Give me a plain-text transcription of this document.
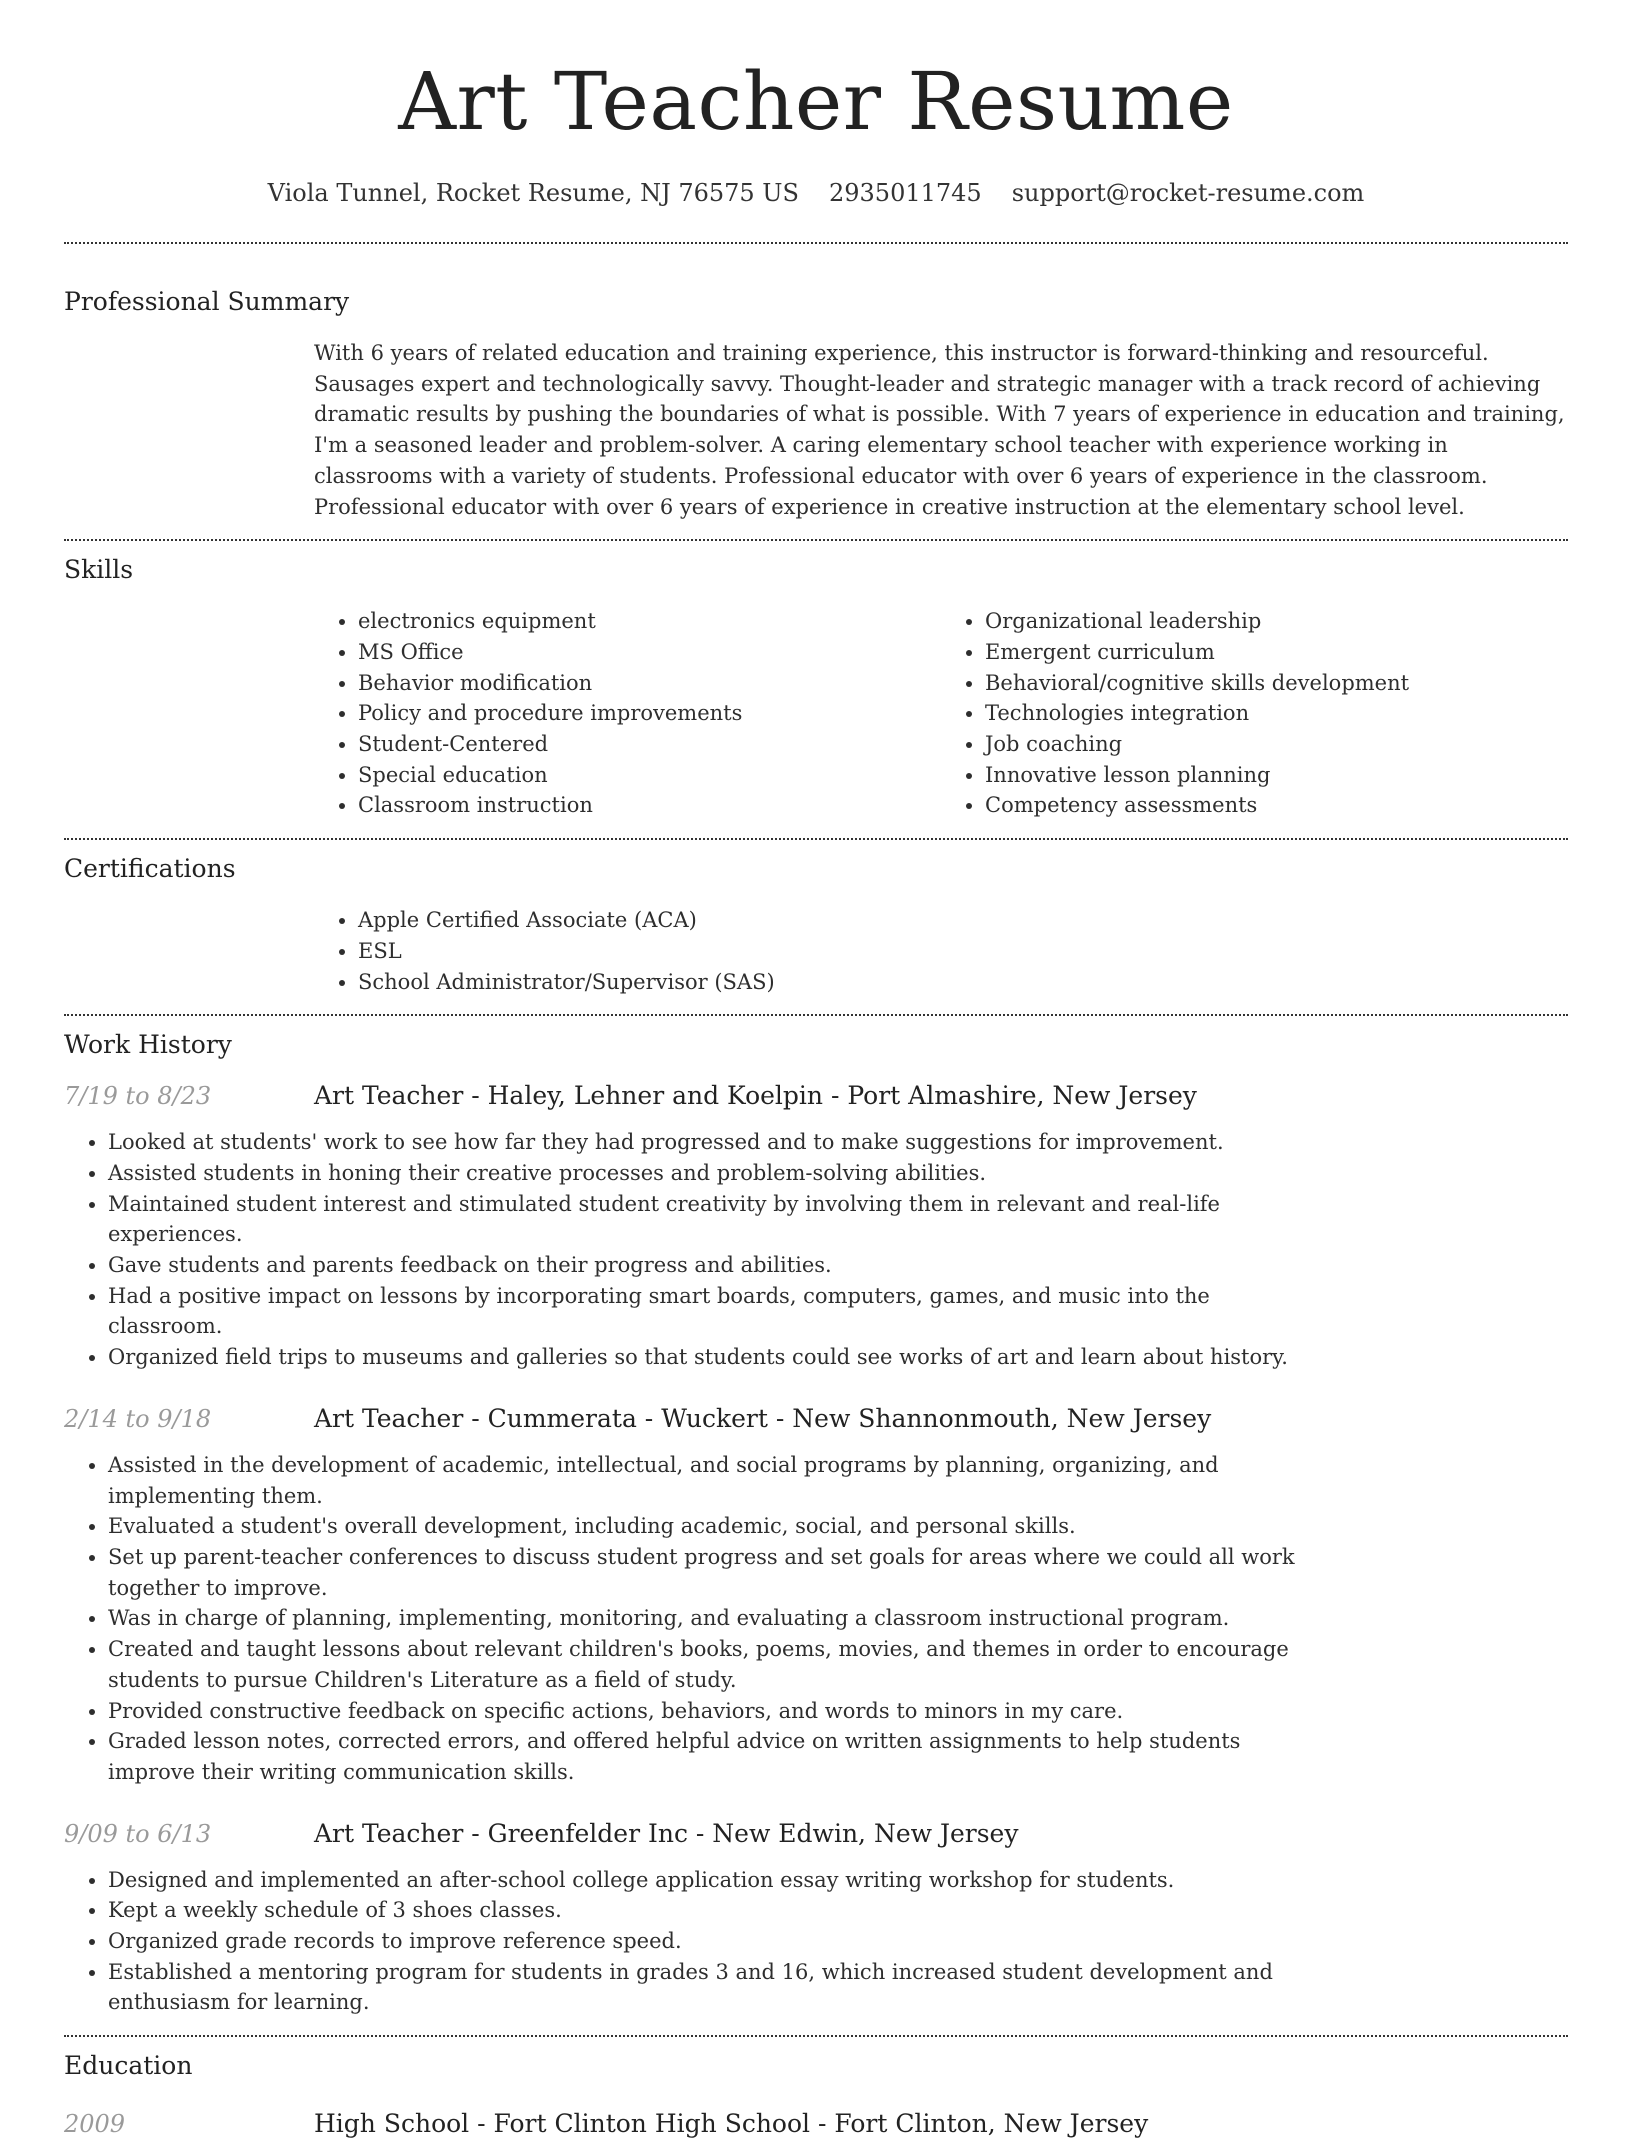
Art Teacher Resume
Viola Tunnel, Rocket Resume, NJ 76575 US 2935011745 support@rocket-resume.com
Professional Summary
With 6 years of related education and training experience, this instructor is forward-thinking and resourceful. Sausages expert and technologically savvy. Thought-leader and strategic manager with a track record of achieving dramatic results by pushing the boundaries of what is possible. With 7 years of experience in education and training, I'm a seasoned leader and problem-solver. A caring elementary school teacher with experience working in classrooms with a variety of students. Professional educator with over 6 years of experience in the classroom. Professional educator with over 6 years of experience in creative instruction at the elementary school level.
Skills
• electronics equipment
• MS Office
• Behavior modification
• Policy and procedure improvements
• Student-Centered
• Special education
• Classroom instruction
• Organizational leadership
• Emergent curriculum
• Behavioral/cognitive skills development
• Technologies integration
• Job coaching
• Innovative lesson planning
• Competency assessments
Certifications
• Apple Certified Associate (ACA)
• ESL
• School Administrator/Supervisor (SAS)
Work History
7/19 to 8/23	Art Teacher - Haley, Lehner and Koelpin - Port Almashire, New Jersey
• Looked at students' work to see how far they had progressed and to make suggestions for improvement.
• Assisted students in honing their creative processes and problem-solving abilities.
• Maintained student interest and stimulated student creativity by involving them in relevant and real-life experiences.
• Gave students and parents feedback on their progress and abilities.
• Had a positive impact on lessons by incorporating smart boards, computers, games, and music into the classroom.
• Organized field trips to museums and galleries so that students could see works of art and learn about history.
2/14 to 9/18	Art Teacher - Cummerata - Wuckert - New Shannonmouth, New Jersey
• Assisted in the development of academic, intellectual, and social programs by planning, organizing, and implementing them.
• Evaluated a student's overall development, including academic, social, and personal skills.
• Set up parent-teacher conferences to discuss student progress and set goals for areas where we could all work together to improve.
• Was in charge of planning, implementing, monitoring, and evaluating a classroom instructional program.
• Created and taught lessons about relevant children's books, poems, movies, and themes in order to encourage students to pursue Children's Literature as a field of study.
• Provided constructive feedback on specific actions, behaviors, and words to minors in my care.
• Graded lesson notes, corrected errors, and offered helpful advice on written assignments to help students improve their writing communication skills.
9/09 to 6/13	Art Teacher - Greenfelder Inc - New Edwin, New Jersey
• Designed and implemented an after-school college application essay writing workshop for students.
• Kept a weekly schedule of 3 shoes classes.
• Organized grade records to improve reference speed.
• Established a mentoring program for students in grades 3 and 16, which increased student development and enthusiasm for learning.
Education
2009	High School - Fort Clinton High School - Fort Clinton, New Jersey
